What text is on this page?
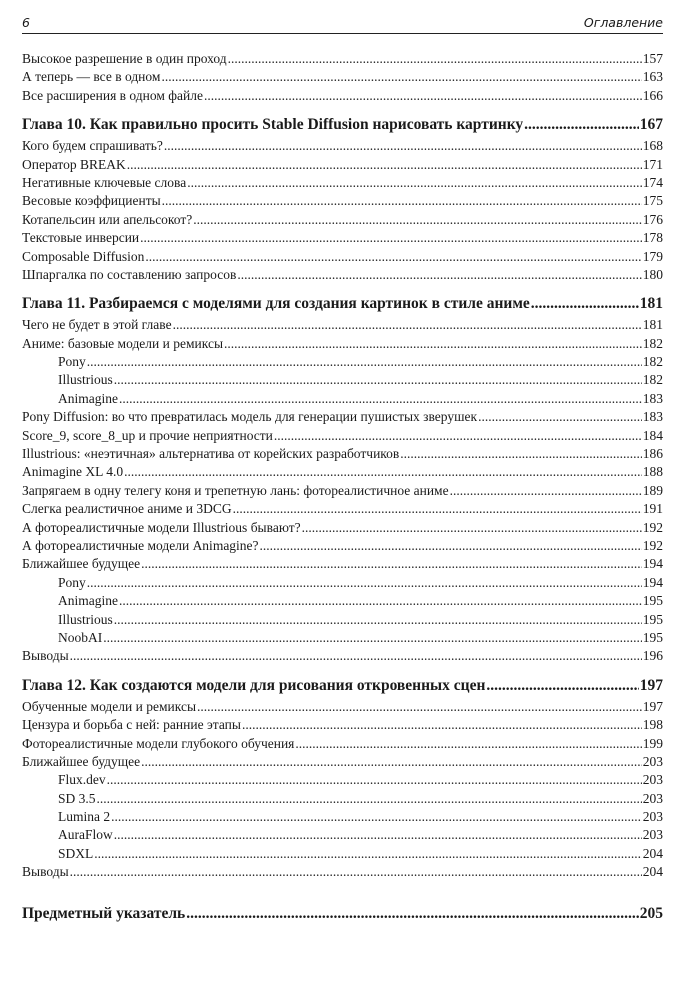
6	Оглавление
Высокое разрешение в один проход .....	157
А теперь — все в одном .....	163
Все расширения в одном файле .....	166
Глава 10. Как правильно просить Stable Diffusion нарисовать картинку .....	167
Кого будем спрашивать? .....	168
Оператор BREAK .....	171
Негативные ключевые слова .....	174
Весовые коэффициенты .....	175
Котапельсин или апельсокот? .....	176
Текстовые инверсии .....	178
Composable Diffusion .....	179
Шпаргалка по составлению запросов .....	180
Глава 11. Разбираемся с моделями для создания картинок в стиле аниме .....	181
Чего не будет в этой главе .....	181
Аниме: базовые модели и ремиксы .....	182
Pony .....	182
Illustrious .....	182
Animagine .....	183
Pony Diffusion: во что превратилась модель для генерации пушистых зверушек .....	183
Score_9, score_8_up и прочие неприятности .....	184
Illustrious: «неэтичная» альтернатива от корейских разработчиков .....	186
Animagine XL 4.0 .....	188
Запрягаем в одну телегу коня и трепетную лань: фотореалистичное аниме .....	189
Слегка реалистичное аниме и 3DCG .....	191
А фотореалистичные модели Illustrious бывают? .....	192
А фотореалистичные модели Animagine? .....	192
Ближайшее будущее .....	194
Pony .....	194
Animagine .....	195
Illustrious .....	195
NoobAI .....	195
Выводы .....	196
Глава 12. Как создаются модели для рисования откровенных сцен .....	197
Обученные модели и ремиксы .....	197
Цензура и борьба с ней: ранние этапы .....	198
Фотореалистичные модели глубокого обучения .....	199
Ближайшее будущее .....	203
Flux.dev .....	203
SD 3.5 .....	203
Lumina 2 .....	203
AuraFlow .....	203
SDXL .....	204
Выводы .....	204
Предметный указатель .....	205
